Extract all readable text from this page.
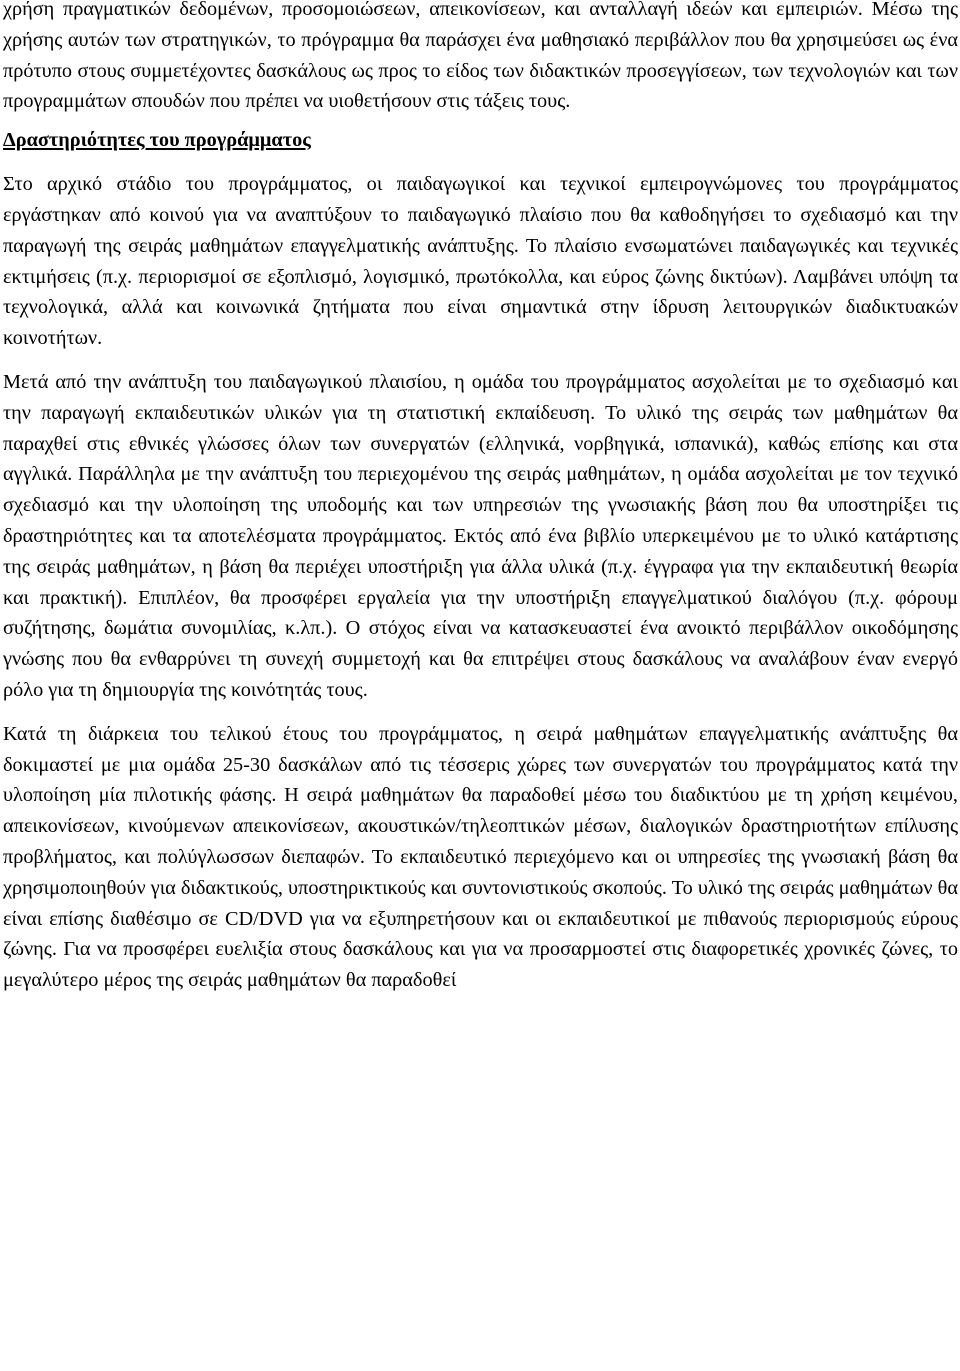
χρήση πραγματικών δεδομένων, προσομοιώσεων, απεικονίσεων, και ανταλλαγή ιδεών και εμπειριών. Μέσω της χρήσης αυτών των στρατηγικών, το πρόγραμμα θα παράσχει ένα μαθησιακό περιβάλλον που θα χρησιμεύσει ως ένα πρότυπο στους συμμετέχοντες δασκάλους ως προς το είδος των διδακτικών προσεγγίσεων, των τεχνολογιών και των προγραμμάτων σπουδών που πρέπει να υιοθετήσουν στις τάξεις τους.

Δραστηριότητες του προγράμματος

Στο αρχικό στάδιο του προγράμματος, οι παιδαγωγικοί και τεχνικοί εμπειρογνώμονες του προγράμματος εργάστηκαν από κοινού για να αναπτύξουν το παιδαγωγικό πλαίσιο που θα καθοδηγήσει το σχεδιασμό και την παραγωγή της σειράς μαθημάτων επαγγελματικής ανάπτυξης. Το πλαίσιο ενσωματώνει παιδαγωγικές και τεχνικές εκτιμήσεις (π.χ. περιορισμοί σε εξοπλισμό, λογισμικό, πρωτόκολλα, και εύρος ζώνης δικτύων). Λαμβάνει υπόψη τα τεχνολογικά, αλλά και κοινωνικά ζητήματα που είναι σημαντικά στην ίδρυση λειτουργικών διαδικτυακών κοινοτήτων.

Μετά από την ανάπτυξη του παιδαγωγικού πλαισίου, η ομάδα του προγράμματος ασχολείται με το σχεδιασμό και την παραγωγή εκπαιδευτικών υλικών για τη στατιστική εκπαίδευση. Το υλικό της σειράς των μαθημάτων θα παραχθεί στις εθνικές γλώσσες όλων των συνεργατών (ελληνικά, νορβηγικά, ισπανικά), καθώς επίσης και στα αγγλικά. Παράλληλα με την ανάπτυξη του περιεχομένου της σειράς μαθημάτων, η ομάδα ασχολείται με τον τεχνικό σχεδιασμό και την υλοποίηση της υποδομής και των υπηρεσιών της γνωσιακής βάση που θα υποστηρίξει τις δραστηριότητες και τα αποτελέσματα προγράμματος. Εκτός από ένα βιβλίο υπερκειμένου με το υλικό κατάρτισης της σειράς μαθημάτων, η βάση θα περιέχει υποστήριξη για άλλα υλικά (π.χ. έγγραφα για την εκπαιδευτική θεωρία και πρακτική). Επιπλέον, θα προσφέρει εργαλεία για την υποστήριξη επαγγελματικού διαλόγου (π.χ. φόρουμ συζήτησης, δωμάτια συνομιλίας, κ.λπ.). Ο στόχος είναι να κατασκευαστεί ένα ανοικτό περιβάλλον οικοδόμησης γνώσης που θα ενθαρρύνει τη συνεχή συμμετοχή και θα επιτρέψει στους δασκάλους να αναλάβουν έναν ενεργό ρόλο για τη δημιουργία της κοινότητάς τους.

Κατά τη διάρκεια του τελικού έτους του προγράμματος, η σειρά μαθημάτων επαγγελματικής ανάπτυξης θα δοκιμαστεί με μια ομάδα 25-30 δασκάλων από τις τέσσερις χώρες των συνεργατών του προγράμματος κατά την υλοποίηση μία πιλοτικής φάσης. Η σειρά μαθημάτων θα παραδοθεί μέσω του διαδικτύου με τη χρήση κειμένου, απεικονίσεων, κινούμενων απεικονίσεων, ακουστικών/τηλεοπτικών μέσων, διαλογικών δραστηριοτήτων επίλυσης προβλήματος, και πολύγλωσσων διεπαφών. Το εκπαιδευτικό περιεχόμενο και οι υπηρεσίες της γνωσιακή βάση θα χρησιμοποιηθούν για διδακτικούς, υποστηρικτικούς και συντονιστικούς σκοπούς. Το υλικό της σειράς μαθημάτων θα είναι επίσης διαθέσιμο σε CD/DVD για να εξυπηρετήσουν και οι εκπαιδευτικοί με πιθανούς περιορισμούς εύρους ζώνης. Για να προσφέρει ευελιξία στους δασκάλους και για να προσαρμοστεί στις διαφορετικές χρονικές ζώνες, το μεγαλύτερο μέρος της σειράς μαθημάτων θα παραδοθεί
